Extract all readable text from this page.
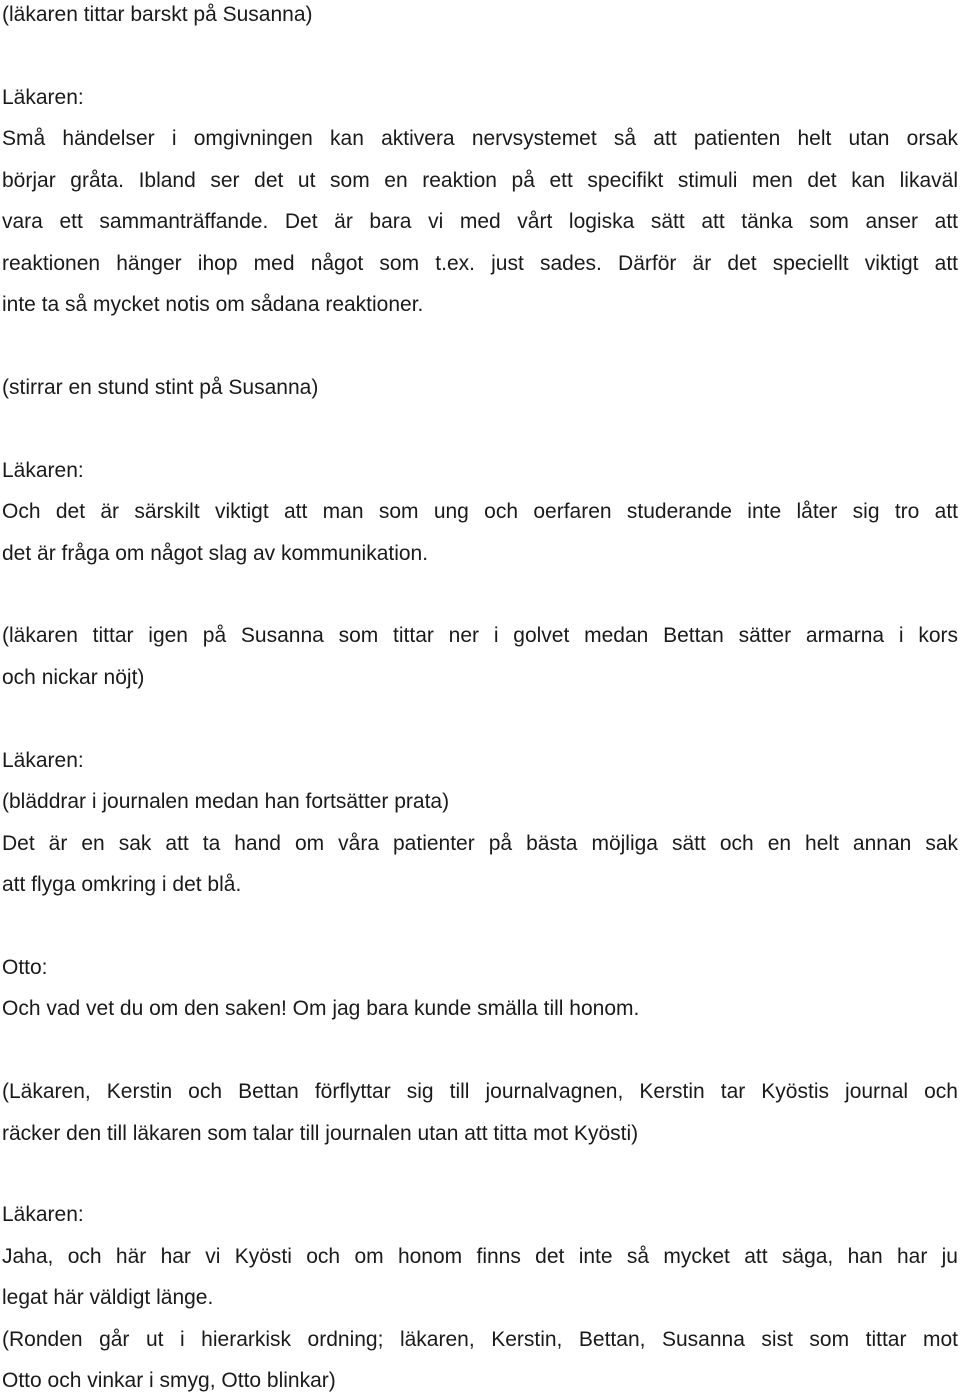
(läkaren tittar barskt på Susanna)
Läkaren:
Små händelser i omgivningen kan aktivera nervsystemet så att patienten helt utan orsak
börjar gråta. Ibland ser det ut som en reaktion på ett specifikt stimuli men det kan likaväl
vara ett sammanträffande. Det är bara vi med vårt logiska sätt att tänka som anser att
reaktionen hänger ihop med något som t.ex. just sades. Därför är det speciellt viktigt att
inte ta så mycket notis om sådana reaktioner.
(stirrar en stund stint på Susanna)
Läkaren:
Och det är särskilt viktigt att man som ung och oerfaren studerande inte låter sig tro att
det är fråga om något slag av kommunikation.
(läkaren tittar igen på Susanna som tittar ner i golvet medan Bettan sätter armarna i kors
och nickar nöjt)
Läkaren:
(bläddrar i journalen medan han fortsätter prata)
Det är en sak att ta hand om våra patienter på bästa möjliga sätt och en helt annan sak
att flyga omkring i det blå.
Otto:
Och vad vet du om den saken! Om jag bara kunde smälla till honom.
(Läkaren, Kerstin och Bettan förflyttar sig till journalvagnen, Kerstin tar Kyöstis journal och
räcker den till läkaren som talar till journalen utan att titta mot Kyösti)
Läkaren:
Jaha, och här har vi Kyösti och om honom finns det inte så mycket att säga, han har ju
legat här väldigt länge.
(Ronden går ut i hierarkisk ordning; läkaren, Kerstin, Bettan, Susanna sist som tittar mot
Otto och vinkar i smyg, Otto blinkar)
